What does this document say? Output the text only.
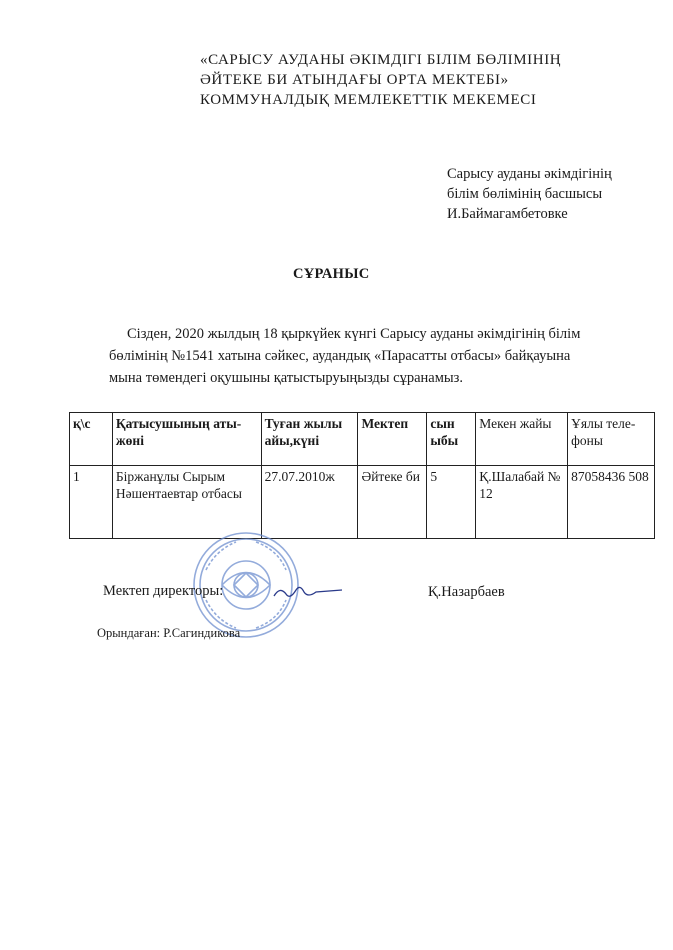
«САРЫСУ АУДАНЫ ӘКІМДІГІ БІЛІМ БӨЛІМІНІҢ
ӘЙТЕКЕ БИ АТЫНДАҒЫ ОРТА МЕКТЕБІ»
КОММУНАЛДЫҚ МЕМЛЕКЕТТІК МЕКЕМЕСІ
Сарысу ауданы әкімдігінің
білім бөлімінің басшысы
И.Баймагамбетовке
СҰРАНЫС
Сізден, 2020 жылдың 18 қыркүйек күнгі Сарысу ауданы әкімдігінің білім
бөлімінің №1541 хатына сәйкес, аудандық «Парасатты отбасы» байқауына
мына төмендегі оқушыны қатыстыруыңызды сұранамыз.
қ\с	Қатысушының аты-жөні	Туған жылы айы,күні	Мектеп	сын ыбы	Мекен жайы	Ұялы теле-фоны
1	Біржанұлы Сырым Нәшентаевтар отбасы	27.07.2010ж	Әйтеке би	5	Қ.Шалабай № 12	87058436 508
Мектеп директоры:	Қ.Назарбаев
Орындаған: Р.Сагиндикова
